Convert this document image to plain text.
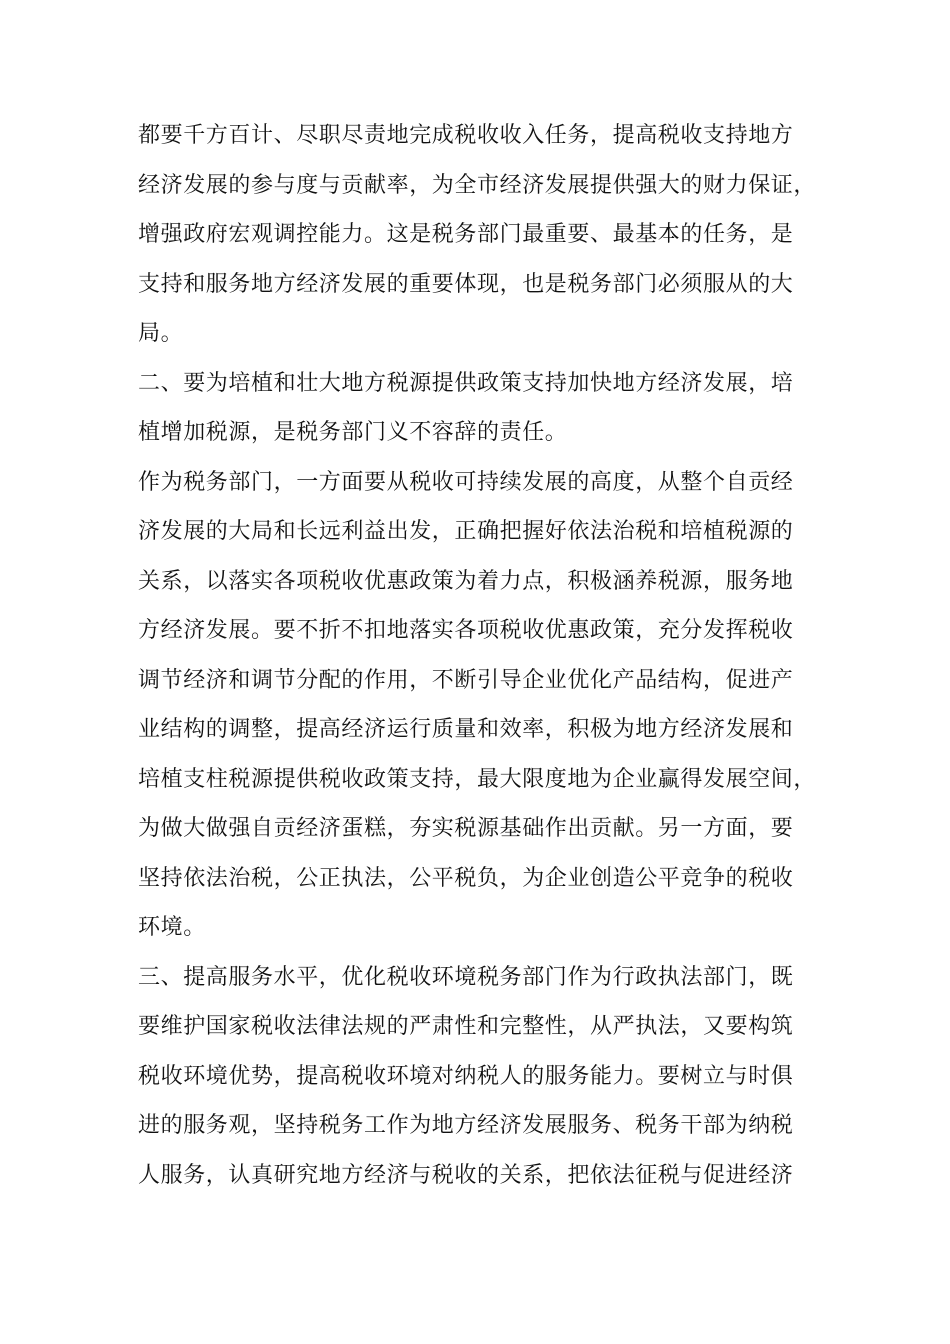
都要千方百计、尽职尽责地完成税收收入任务，提高税收支持地方
经济发展的参与度与贡献率，为全市经济发展提供强大的财力保证，
增强政府宏观调控能力。这是税务部门最重要、最基本的任务，是
支持和服务地方经济发展的重要体现，也是税务部门必须服从的大
局。
二、要为培植和壮大地方税源提供政策支持加快地方经济发展，培
植增加税源，是税务部门义不容辞的责任。
作为税务部门，一方面要从税收可持续发展的高度，从整个自贡经
济发展的大局和长远利益出发，正确把握好依法治税和培植税源的
关系，以落实各项税收优惠政策为着力点，积极涵养税源，服务地
方经济发展。要不折不扣地落实各项税收优惠政策，充分发挥税收
调节经济和调节分配的作用，不断引导企业优化产品结构，促进产
业结构的调整，提高经济运行质量和效率，积极为地方经济发展和
培植支柱税源提供税收政策支持，最大限度地为企业赢得发展空间，
为做大做强自贡经济蛋糕，夯实税源基础作出贡献。另一方面，要
坚持依法治税，公正执法，公平税负，为企业创造公平竞争的税收
环境。
三、提高服务水平，优化税收环境税务部门作为行政执法部门，既
要维护国家税收法律法规的严肃性和完整性，从严执法，又要构筑
税收环境优势，提高税收环境对纳税人的服务能力。要树立与时俱
进的服务观，坚持税务工作为地方经济发展服务、税务干部为纳税
人服务，认真研究地方经济与税收的关系，把依法征税与促进经济
